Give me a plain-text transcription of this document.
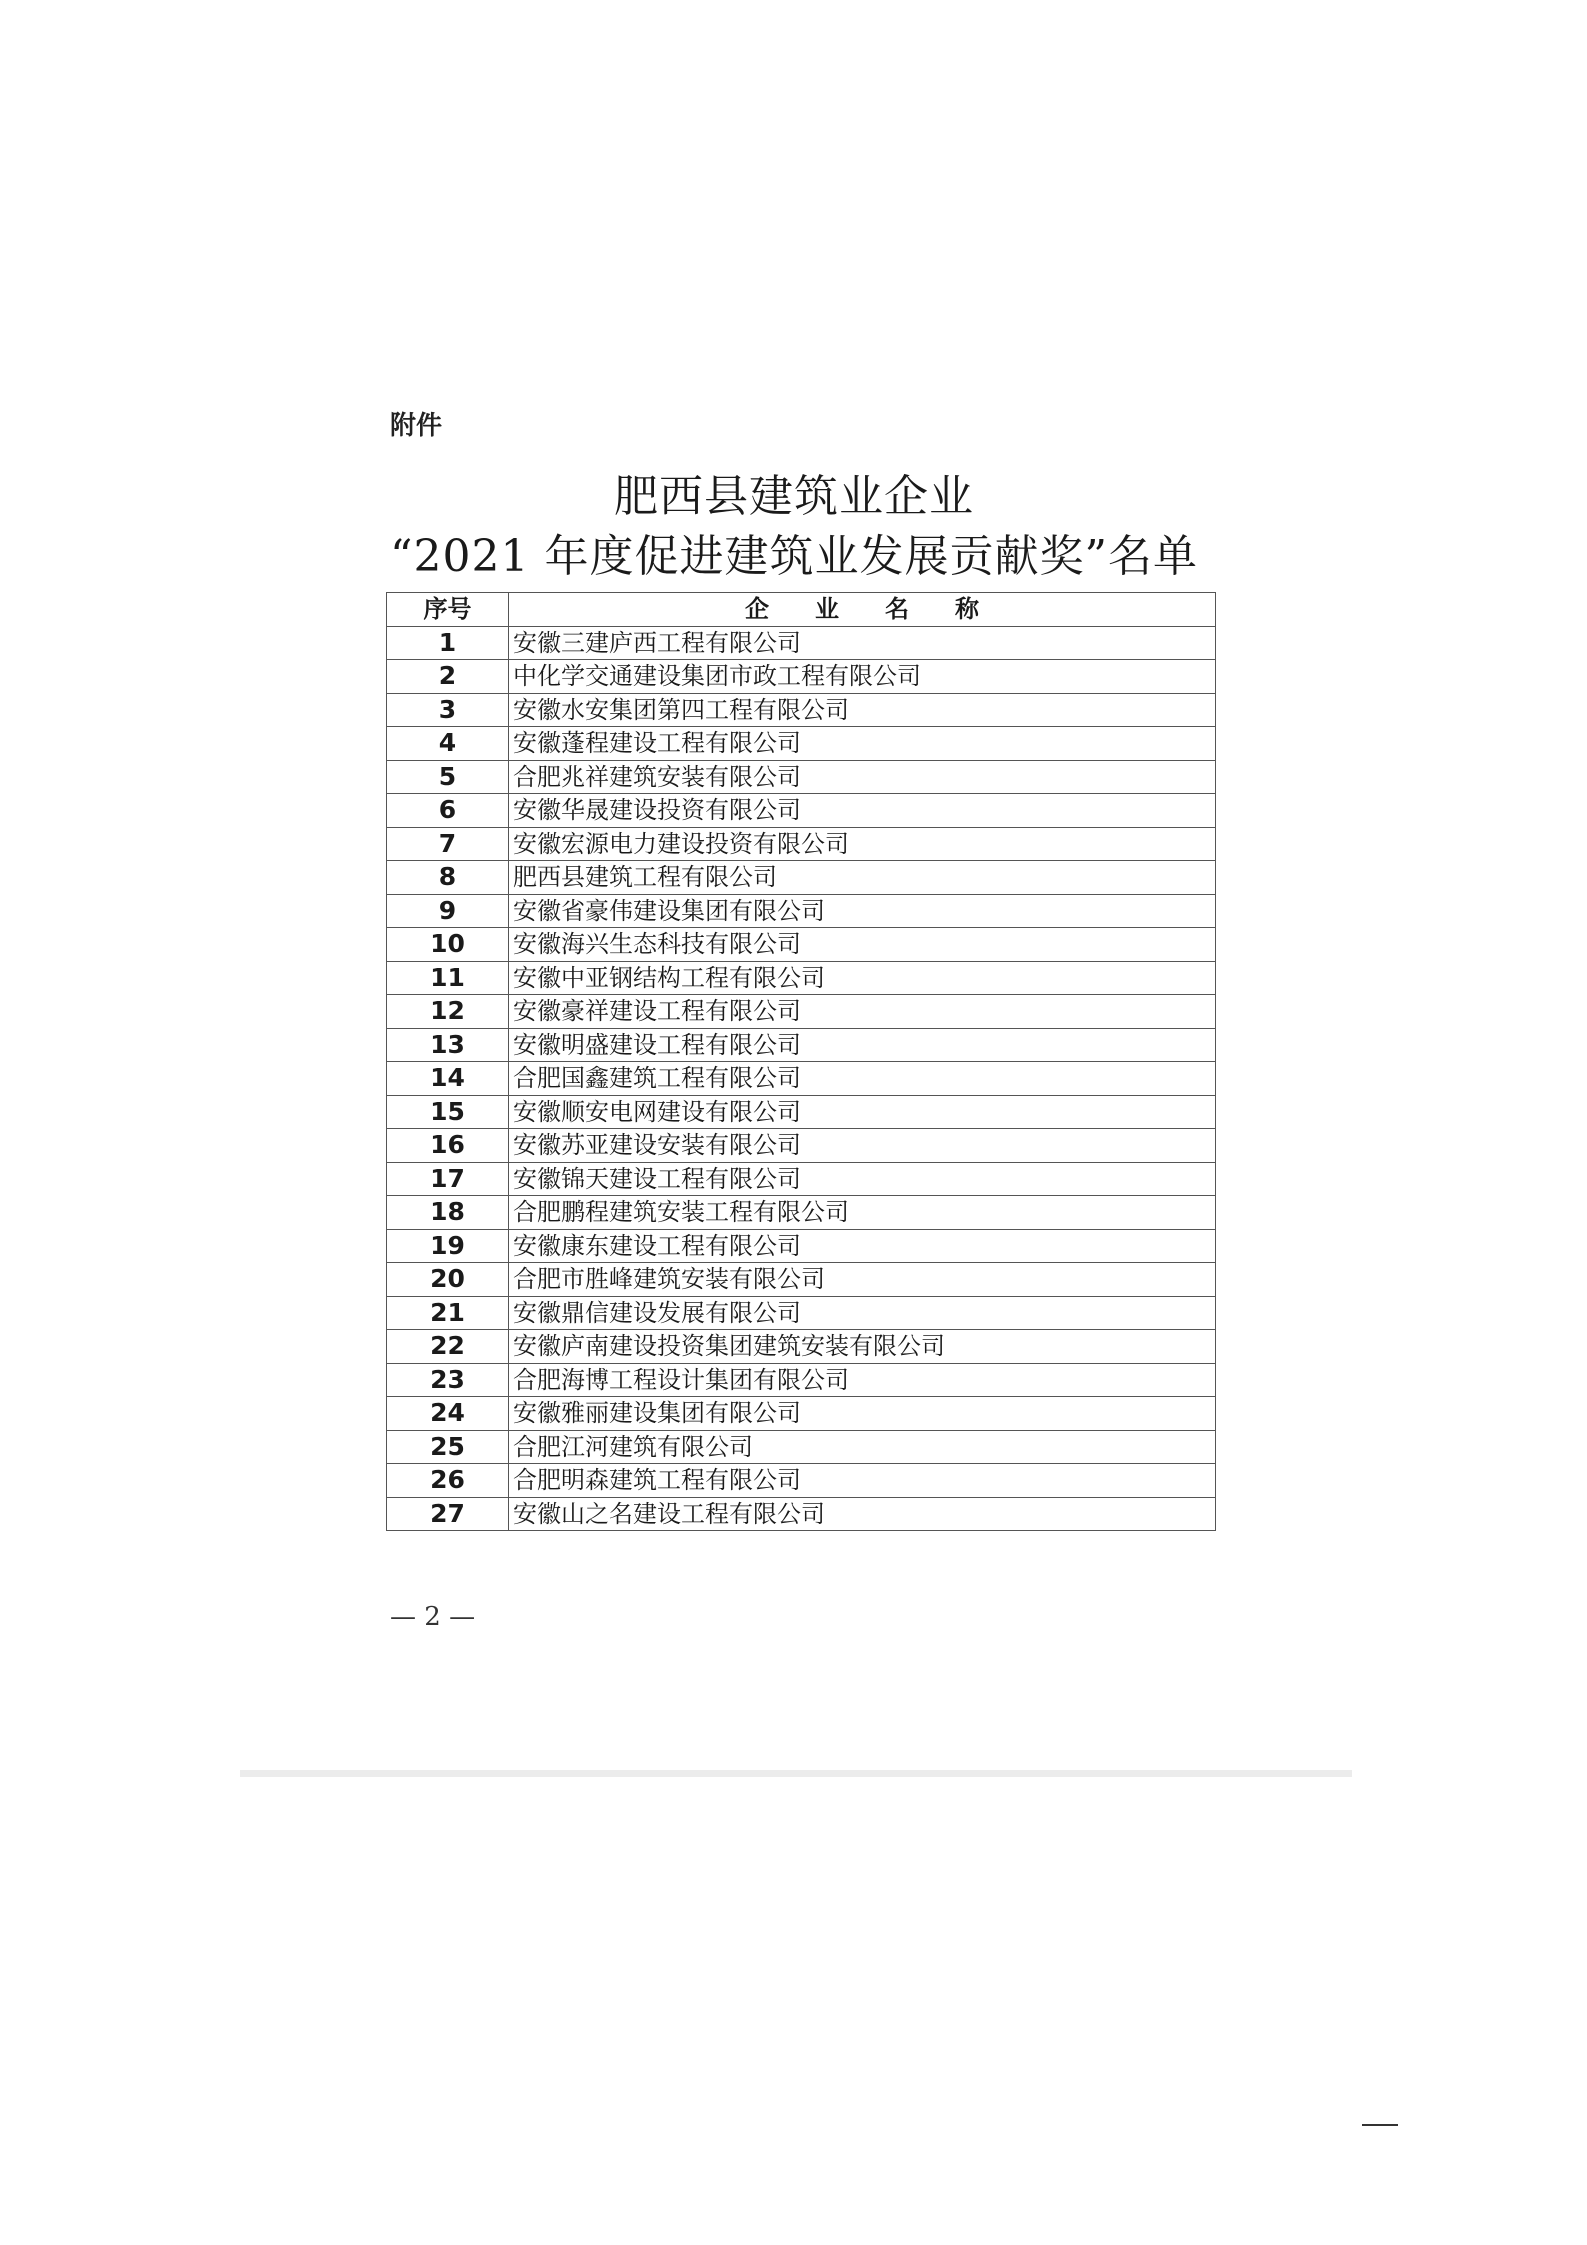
附件
肥西县建筑业企业
“2021 年度促进建筑业发展贡献奖”名单
序号	企业名称
1	安徽三建庐西工程有限公司
2	中化学交通建设集团市政工程有限公司
3	安徽水安集团第四工程有限公司
4	安徽蓬程建设工程有限公司
5	合肥兆祥建筑安装有限公司
6	安徽华晟建设投资有限公司
7	安徽宏源电力建设投资有限公司
8	肥西县建筑工程有限公司
9	安徽省豪伟建设集团有限公司
10	安徽海兴生态科技有限公司
11	安徽中亚钢结构工程有限公司
12	安徽豪祥建设工程有限公司
13	安徽明盛建设工程有限公司
14	合肥国鑫建筑工程有限公司
15	安徽顺安电网建设有限公司
16	安徽苏亚建设安装有限公司
17	安徽锦天建设工程有限公司
18	合肥鹏程建筑安装工程有限公司
19	安徽康东建设工程有限公司
20	合肥市胜峰建筑安装有限公司
21	安徽鼎信建设发展有限公司
22	安徽庐南建设投资集团建筑安装有限公司
23	合肥海博工程设计集团有限公司
24	安徽雅丽建设集团有限公司
25	合肥江河建筑有限公司
26	合肥明森建筑工程有限公司
27	安徽山之名建设工程有限公司
— 2 —
